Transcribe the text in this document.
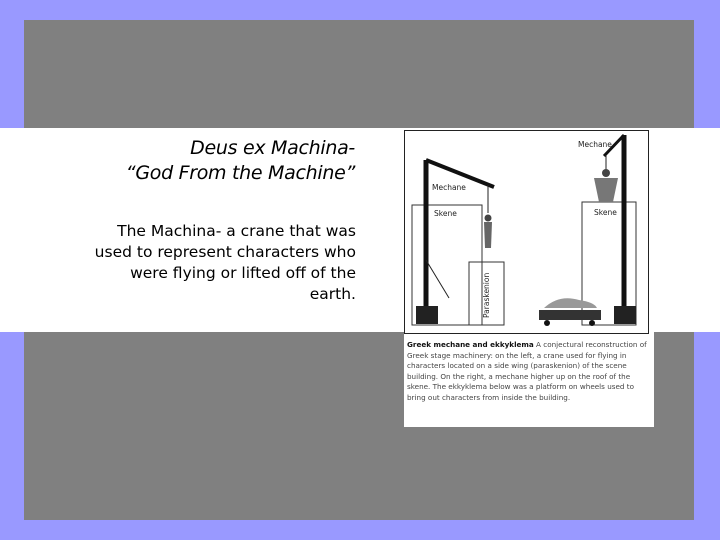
Deus ex Machina-

“God From the Machine”

The Machina- a crane that was used to represent characters who were flying or lifted off of the earth.

Mechane
Skene
Paraskenion
Mechane
Skene

Greek mechane and ekkyklema A conjectural reconstruction of Greek stage machinery: on the left, a crane used for flying in characters located on a side wing (paraskenion) of the scene building. On the right, a mechane higher up on the roof of the skene. The ekkyklema below was a platform on wheels used to bring out characters from inside the building.
